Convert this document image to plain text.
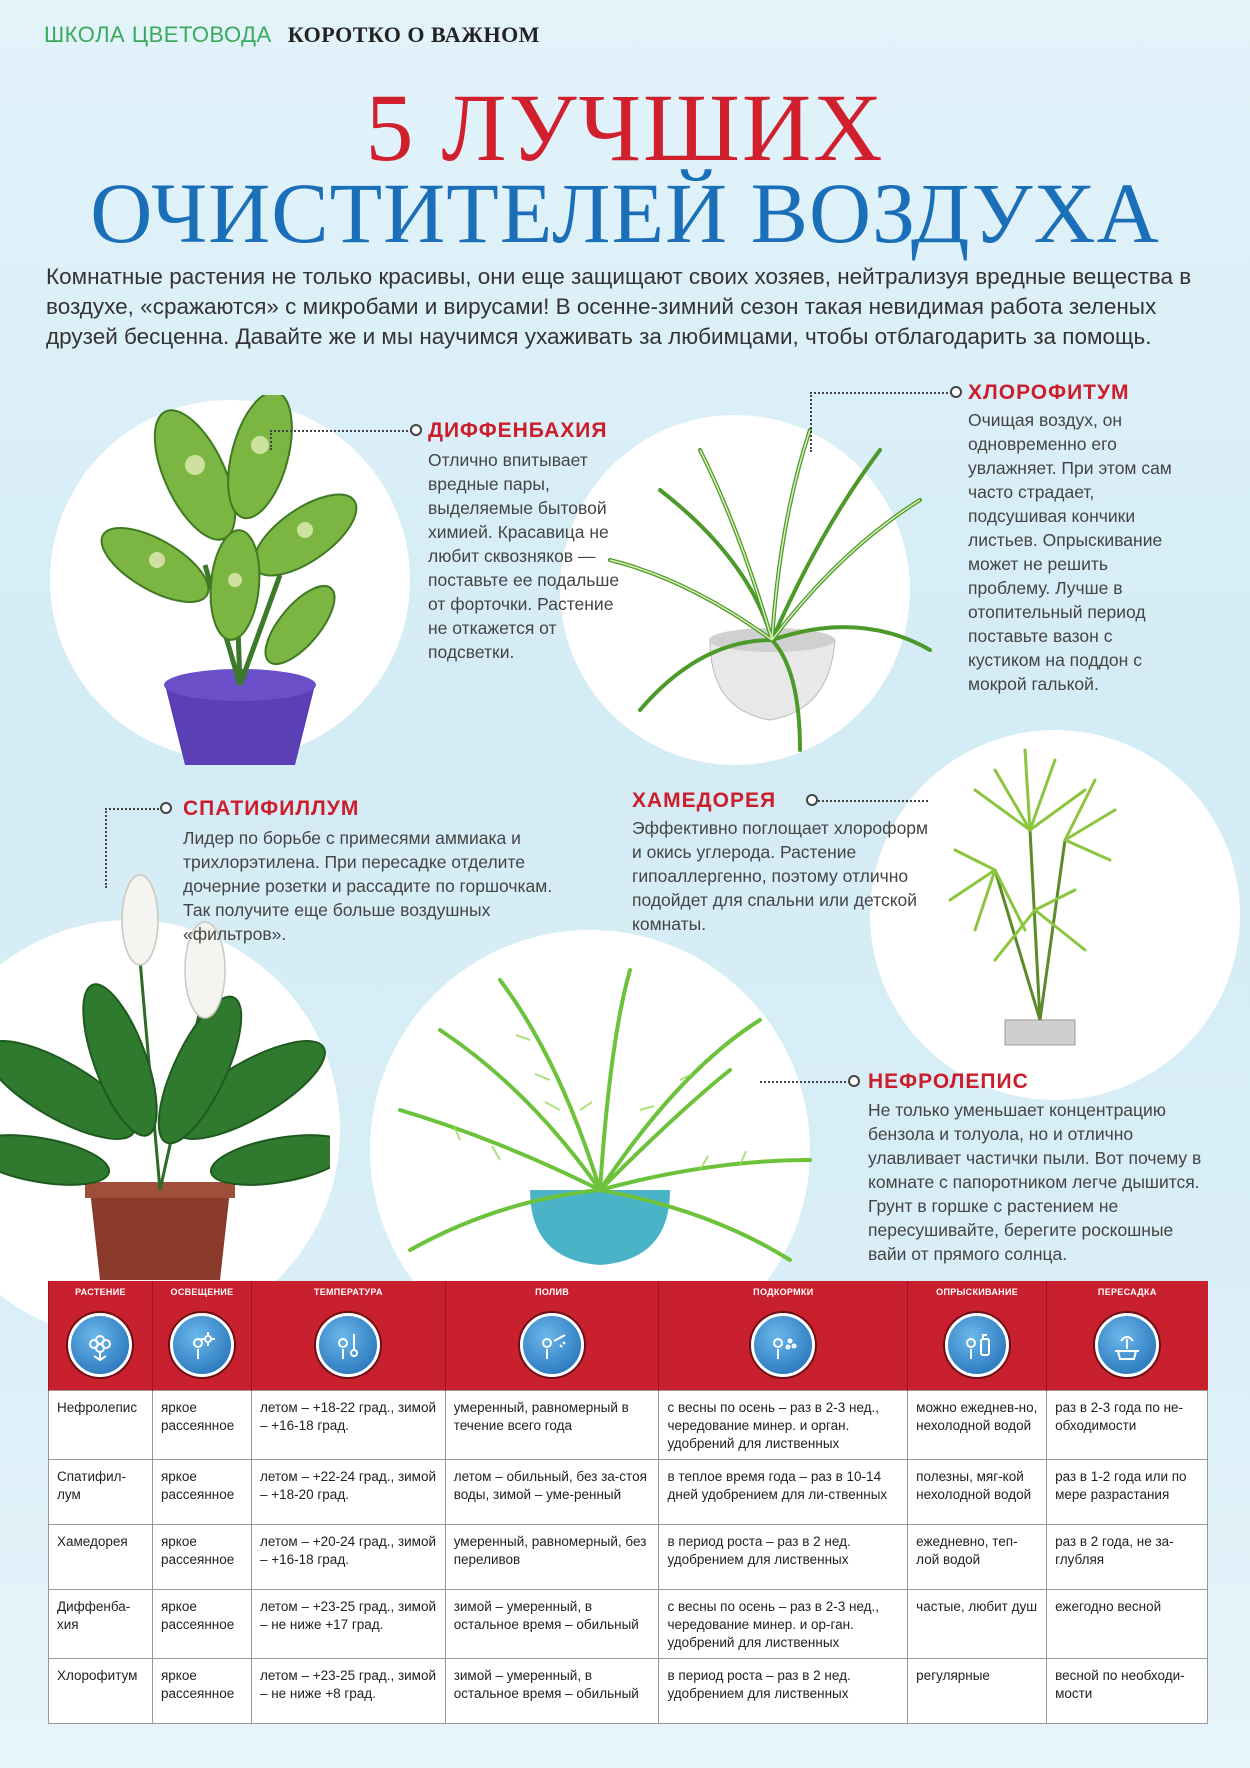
ШКОЛА ЦВЕТОВОДА КОРОТКО О ВАЖНОМ
5 ЛУЧШИХ
ОЧИСТИТЕЛЕЙ ВОЗДУХА
Комнатные растения не только красивы, они еще защищают своих хозяев, нейтрализуя вредные вещества в воздухе, «сражаются» с микробами и вирусами! В осенне-зимний сезон такая невидимая работа зеленых друзей бесценна. Давайте же и мы научимся ухаживать за любимцами, чтобы отблагодарить за помощь.
ДИФФЕНБАХИЯ
Отлично впитывает вредные пары, выделяемые бытовой химией. Красавица не любит сквозняков — поставьте ее подальше от форточки. Растение не откажется от подсветки.
ХЛОРОФИТУМ
Очищая воздух, он одновременно его увлажняет. При этом сам часто страдает, подсушивая кончики листьев. Опрыскивание может не решить проблему. Лучше в отопительный период поставьте вазон с кустиком на поддон с мокрой галькой.
СПАТИФИЛЛУМ
Лидер по борьбе с примесями аммиака и трихлорэтилена. При пересадке отделите дочерние розетки и рассадите по горшочкам. Так получите еще больше воздушных «фильтров».
ХАМЕДОРЕЯ
Эффективно поглощает хлороформ и окись углерода. Растение гипоаллергенно, поэтому отлично подойдет для спальни или детской комнаты.
НЕФРОЛЕПИС
Не только уменьшает концентрацию бензола и толуола, но и отлично улавливает частички пыли. Вот почему в комнате с папоротником легче дышится. Грунт в горшке с растением не пересушивайте, берегите роскошные вайи от прямого солнца.
РАСТЕНИЕ	ОСВЕЩЕНИЕ	ТЕМПЕРАТУРА	ПОЛИВ	ПОДКОРМКИ	ОПРЫСКИВАНИЕ	ПЕРЕСАДКА

Нефролепис	яркое рассеянное	летом – +18-22 град., зимой – +16-18 град.	умеренный, равномерный в течение всего года	с весны по осень – раз в 2-3 нед., чередование минер. и орган. удобрений для лиственных	можно ежеднев-но, нехолодной водой	раз в 2-3 года по не-обходимости
Спатифил-лум	яркое рассеянное	летом – +22-24 град., зимой – +18-20 град.	летом – обильный, без за-стоя воды, зимой – уме-ренный	в теплое время года – раз в 10-14 дней удобрением для ли-ственных	полезны, мяг-кой нехолодной водой	раз в 1-2 года или по мере разрастания
Хамедорея	яркое рассеянное	летом – +20-24 град., зимой – +16-18 град.	умеренный, равномерный, без переливов	в период роста – раз в 2 нед. удобрением для лиственных	ежедневно, теп-лой водой	раз в 2 года, не за-глубляя
Диффенба-хия	яркое рассеянное	летом – +23-25 град., зимой – не ниже +17 град.	зимой – умеренный, в остальное время – обильный	с весны по осень – раз в 2-3 нед., чередование минер. и ор-ган. удобрений для лиственных	частые, любит душ	ежегодно весной
Хлорофитум	яркое рассеянное	летом – +23-25 град., зимой – не ниже +8 град.	зимой – умеренный, в остальное время – обильный	в период роста – раз в 2 нед. удобрением для лиственных	регулярные	весной по необходи-мости
